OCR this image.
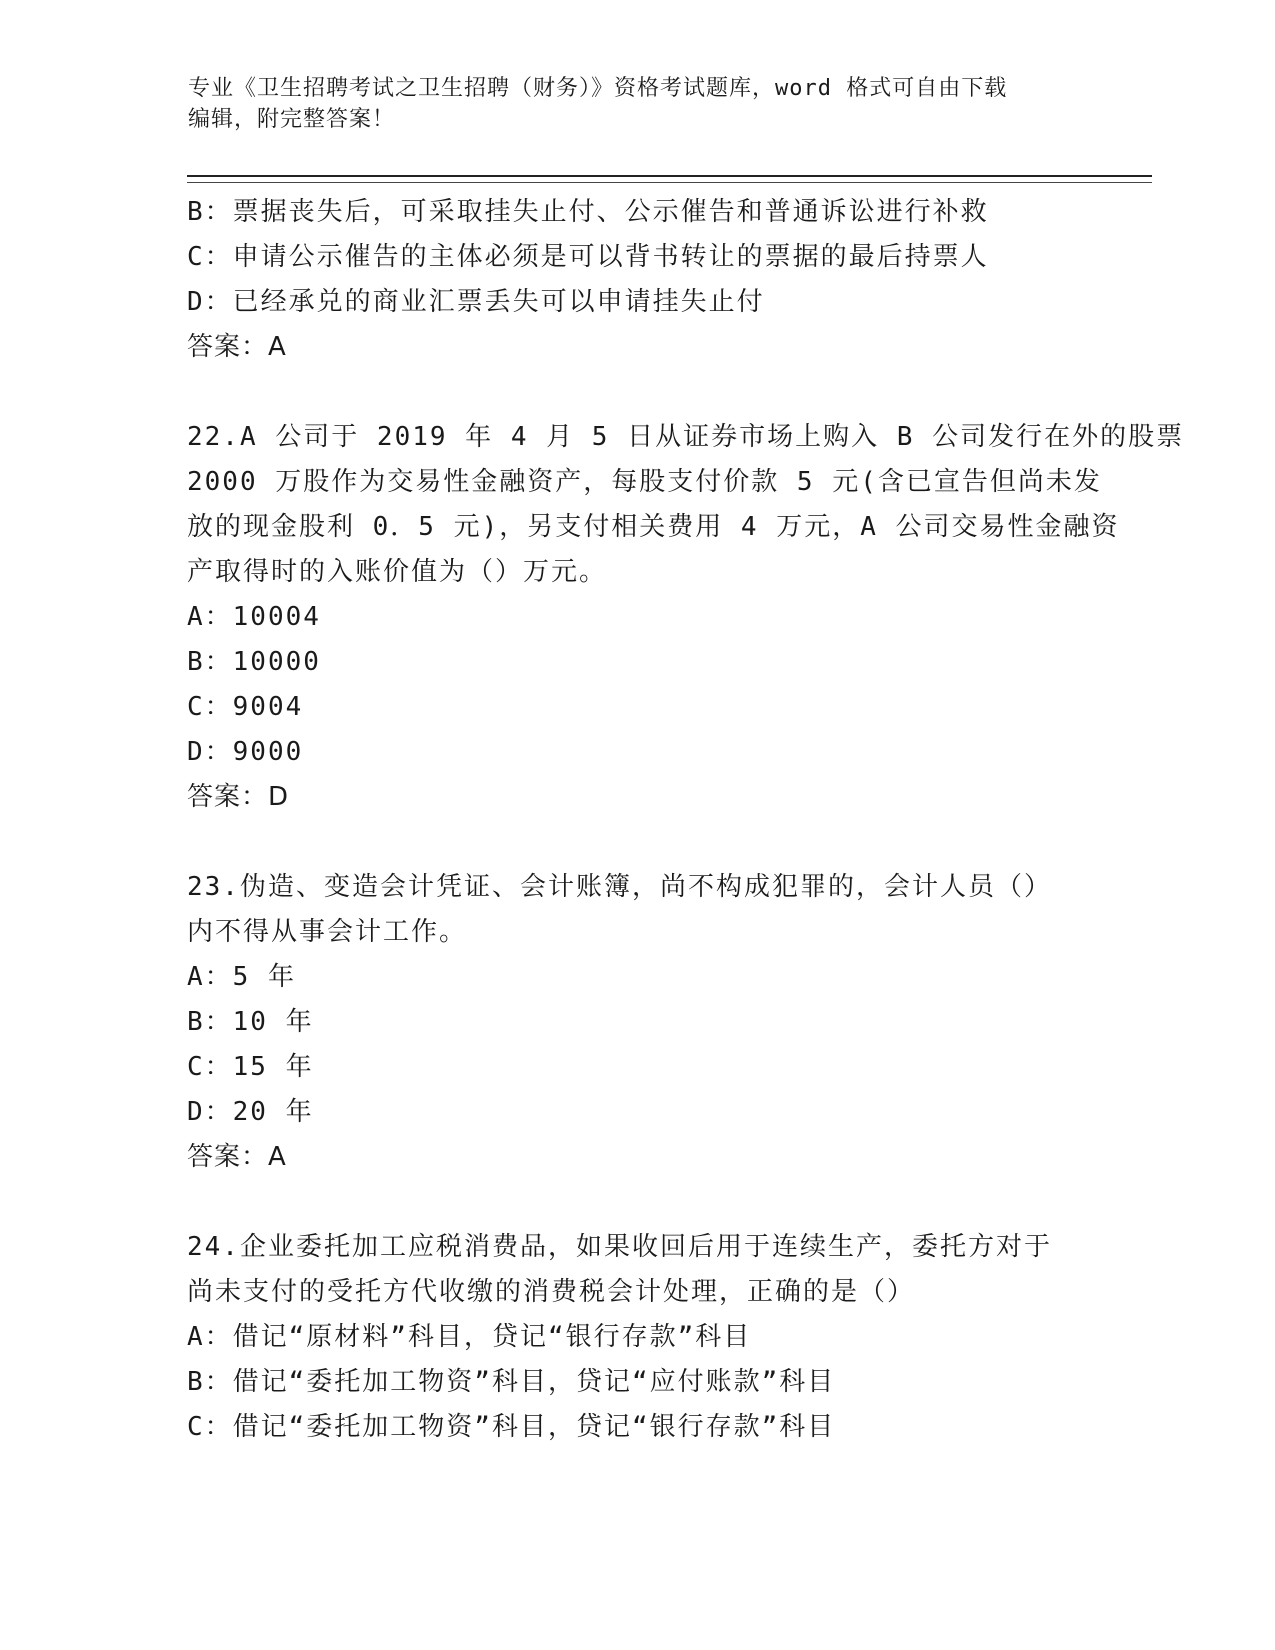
专业《卫生招聘考试之卫生招聘（财务）》资格考试题库，word 格式可自由下载
编辑，附完整答案！
B：票据丧失后，可采取挂失止付、公示催告和普通诉讼进行补救
C：申请公示催告的主体必须是可以背书转让的票据的最后持票人
D：已经承兑的商业汇票丢失可以申请挂失止付
答案：A
22.A 公司于 2019 年 4 月 5 日从证券市场上购入 B 公司发行在外的股票
2000 万股作为交易性金融资产，每股支付价款 5 元(含已宣告但尚未发
放的现金股利 0．5 元)，另支付相关费用 4 万元，A 公司交易性金融资
产取得时的入账价值为（）万元。
A：10004
B：10000
C：9004
D：9000
答案：D
23.伪造、变造会计凭证、会计账簿，尚不构成犯罪的，会计人员（）
内不得从事会计工作。
A：5 年
B：10 年
C：15 年
D：20 年
答案：A
24.企业委托加工应税消费品，如果收回后用于连续生产，委托方对于
尚未支付的受托方代收缴的消费税会计处理，正确的是（）
A：借记“原材料”科目，贷记“银行存款”科目
B：借记“委托加工物资”科目，贷记“应付账款”科目
C：借记“委托加工物资”科目，贷记“银行存款”科目
